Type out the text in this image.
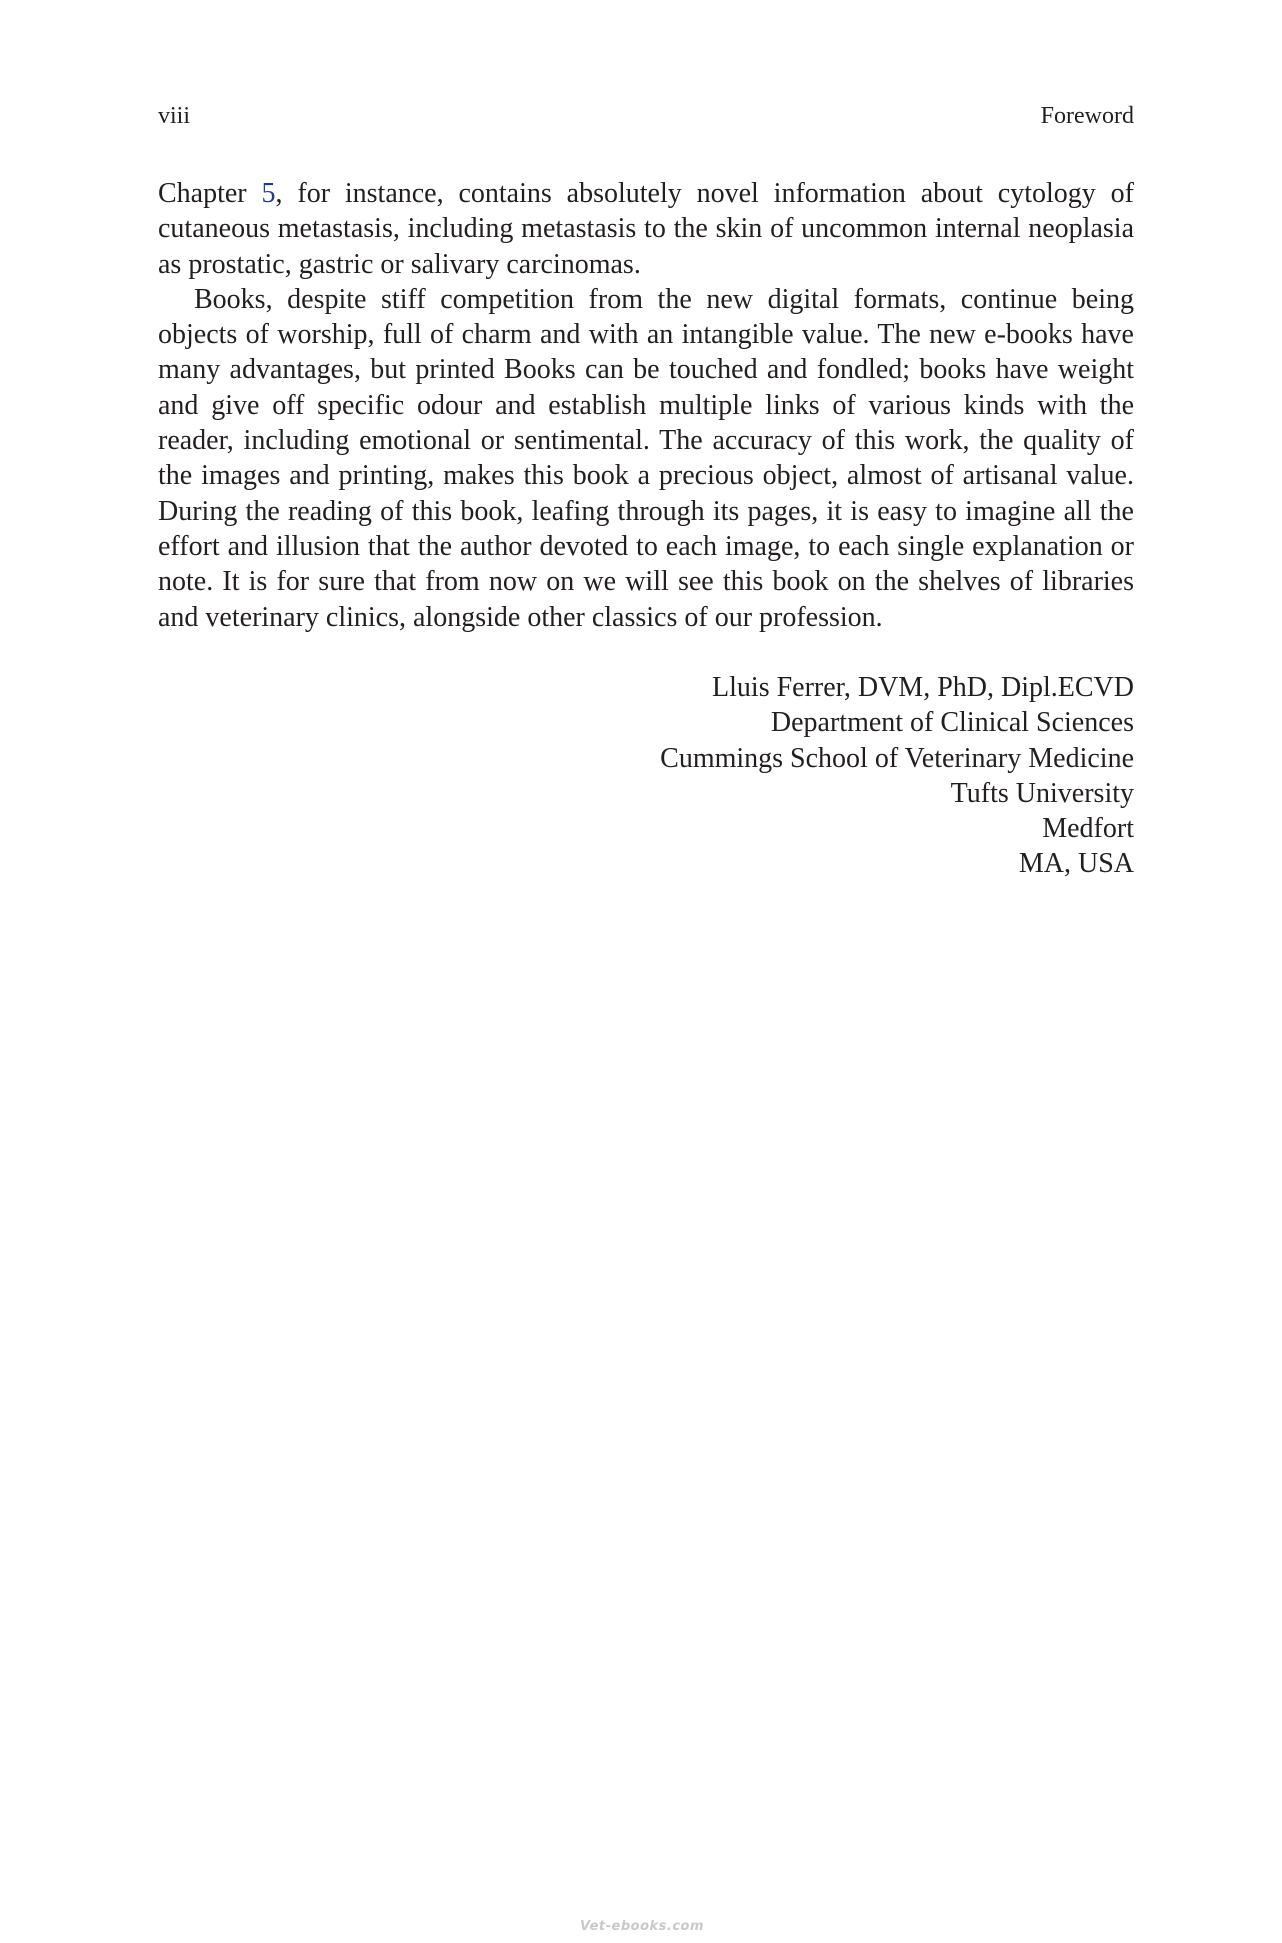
viii	Foreword

Chapter 5, for instance, contains absolutely novel information about cytology of cutaneous metastasis, including metastasis to the skin of uncommon internal neoplasia as prostatic, gastric or salivary carcinomas.

Books, despite stiff competition from the new digital formats, continue being objects of worship, full of charm and with an intangible value. The new e-books have many advantages, but printed Books can be touched and fondled; books have weight and give off specific odour and establish multiple links of various kinds with the reader, including emotional or sentimental. The accuracy of this work, the quality of the images and printing, makes this book a precious object, almost of artisanal value. During the reading of this book, leafing through its pages, it is easy to imagine all the effort and illusion that the author devoted to each image, to each single explanation or note. It is for sure that from now on we will see this book on the shelves of libraries and veterinary clinics, alongside other classics of our profession.

Lluis Ferrer, DVM, PhD, Dipl.ECVD
Department of Clinical Sciences
Cummings School of Veterinary Medicine
Tufts University
Medfort
MA, USA
Vet-ebooks.com
